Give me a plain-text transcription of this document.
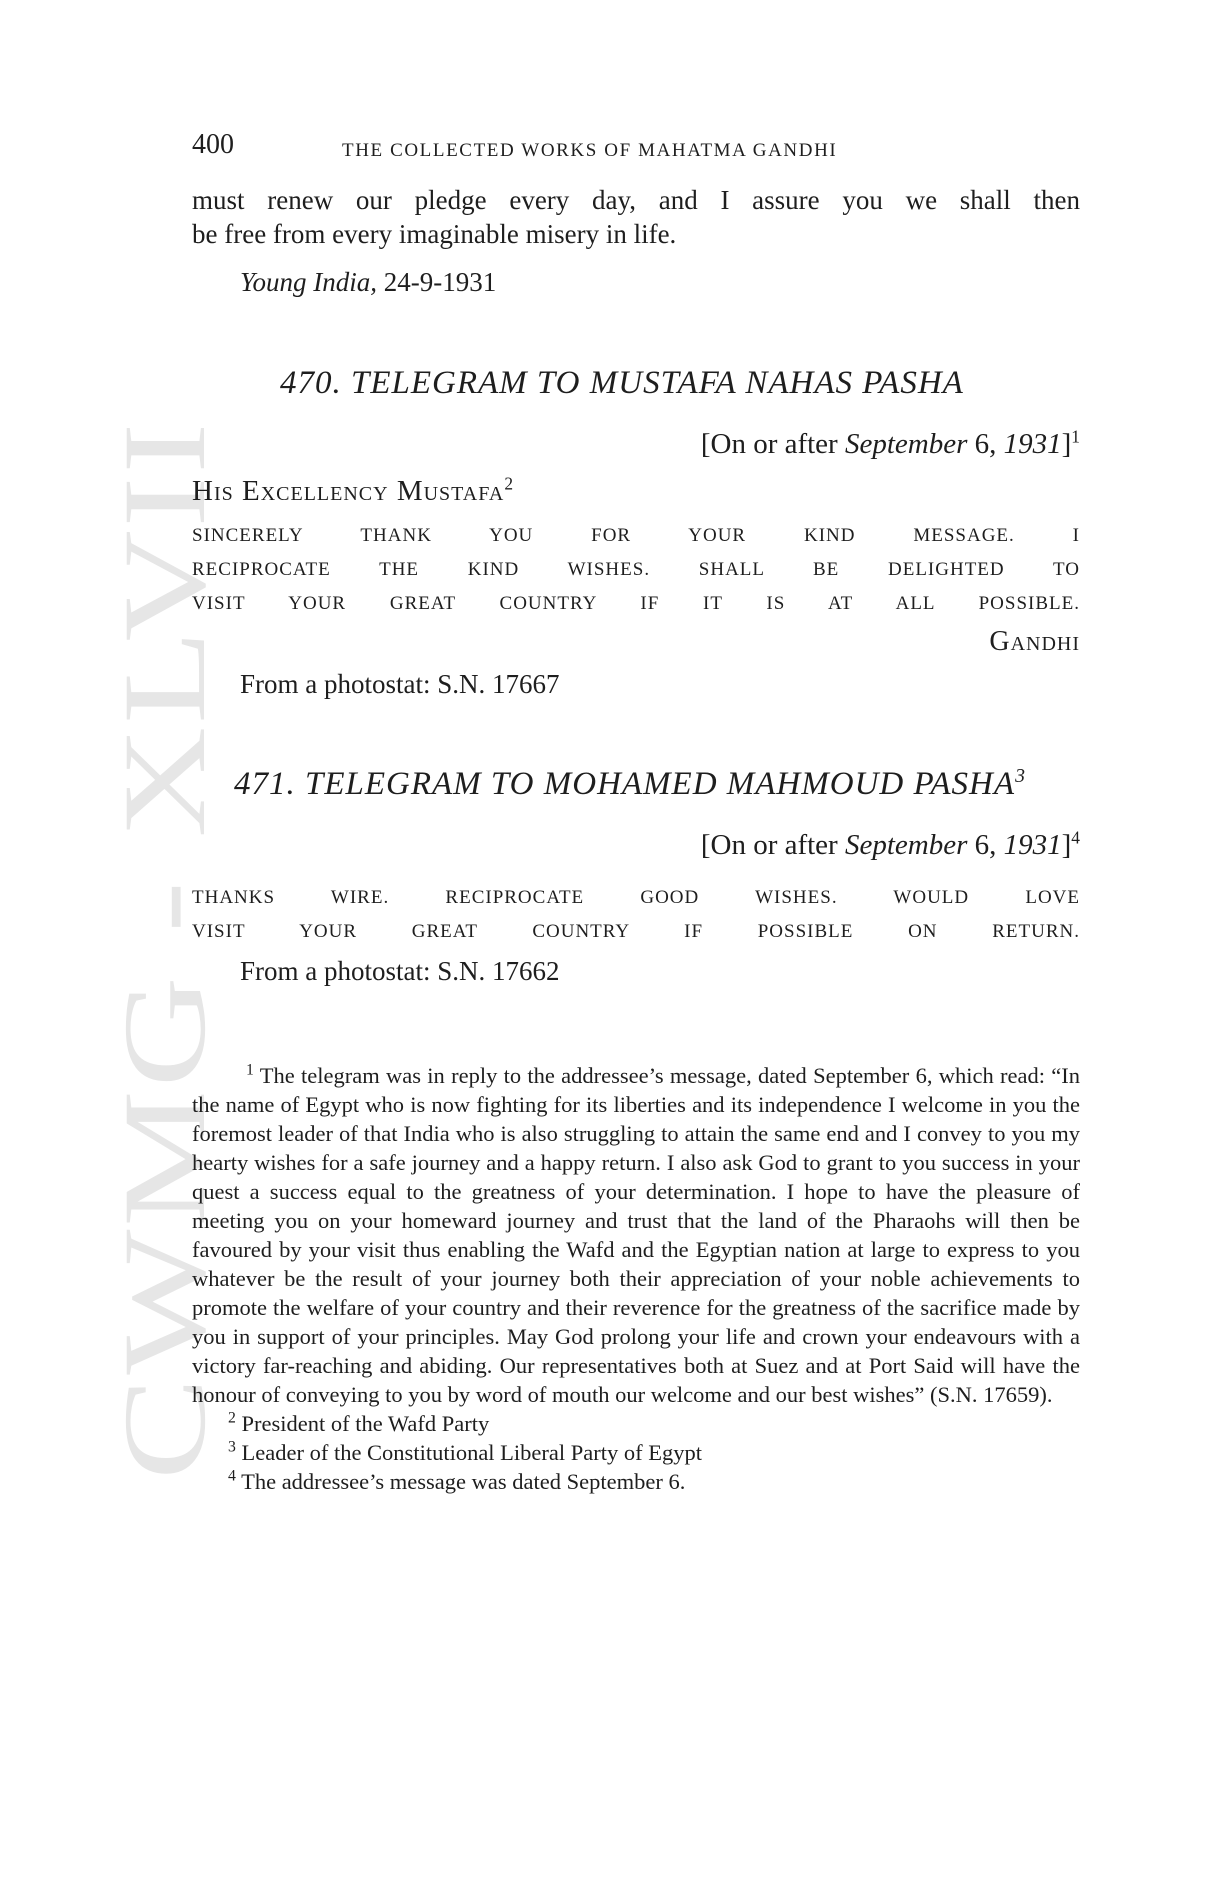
CWMG - XLVII
400	THE COLLECTED WORKS OF MAHATMA GANDHI
must renew our pledge every day, and I assure you we shall then
be free from every imaginable misery in life.
Young India, 24-9-1931
470. TELEGRAM TO MUSTAFA NAHAS PASHA
[On or after September 6, 1931]$^1$
His Excellency Mustafa$^2$
SINCERELY THANK YOU FOR YOUR KIND MESSAGE. I
RECIPROCATE THE KIND WISHES. SHALL BE DELIGHTED TO
VISIT YOUR GREAT COUNTRY IF IT IS AT ALL POSSIBLE.
Gandhi
From a photostat: S.N. 17667
471. TELEGRAM TO MOHAMED MAHMOUD PASHA$^3$
[On or after September 6, 1931]$^4$
THANKS WIRE. RECIPROCATE GOOD WISHES. WOULD LOVE
VISIT YOUR GREAT COUNTRY IF POSSIBLE ON RETURN.
From a photostat: S.N. 17662

$^1$ The telegram was in reply to the addressee’s message, dated September 6, which read: “In the name of Egypt who is now fighting for its liberties and its independence I welcome in you the foremost leader of that India who is also struggling to attain the same end and I convey to you my hearty wishes for a safe journey and a happy return. I also ask God to grant to you success in your quest a success equal to the greatness of your determination. I hope to have the pleasure of meeting you on your homeward journey and trust that the land of the Pharaohs will then be favoured by your visit thus enabling the Wafd and the Egyptian nation at large to express to you whatever be the result of your journey both their appreciation of your noble achievements to promote the welfare of your country and their reverence for the greatness of the sacrifice made by you in support of your principles. May God prolong your life and crown your endeavours with a victory far-reaching and abiding. Our representatives both at Suez and at Port Said will have the honour of conveying to you by word of mouth our welcome and our best wishes” (S.N. 17659).

$^2$ President of the Wafd Party

$^3$ Leader of the Constitutional Liberal Party of Egypt

$^4$ The addressee’s message was dated September 6.
